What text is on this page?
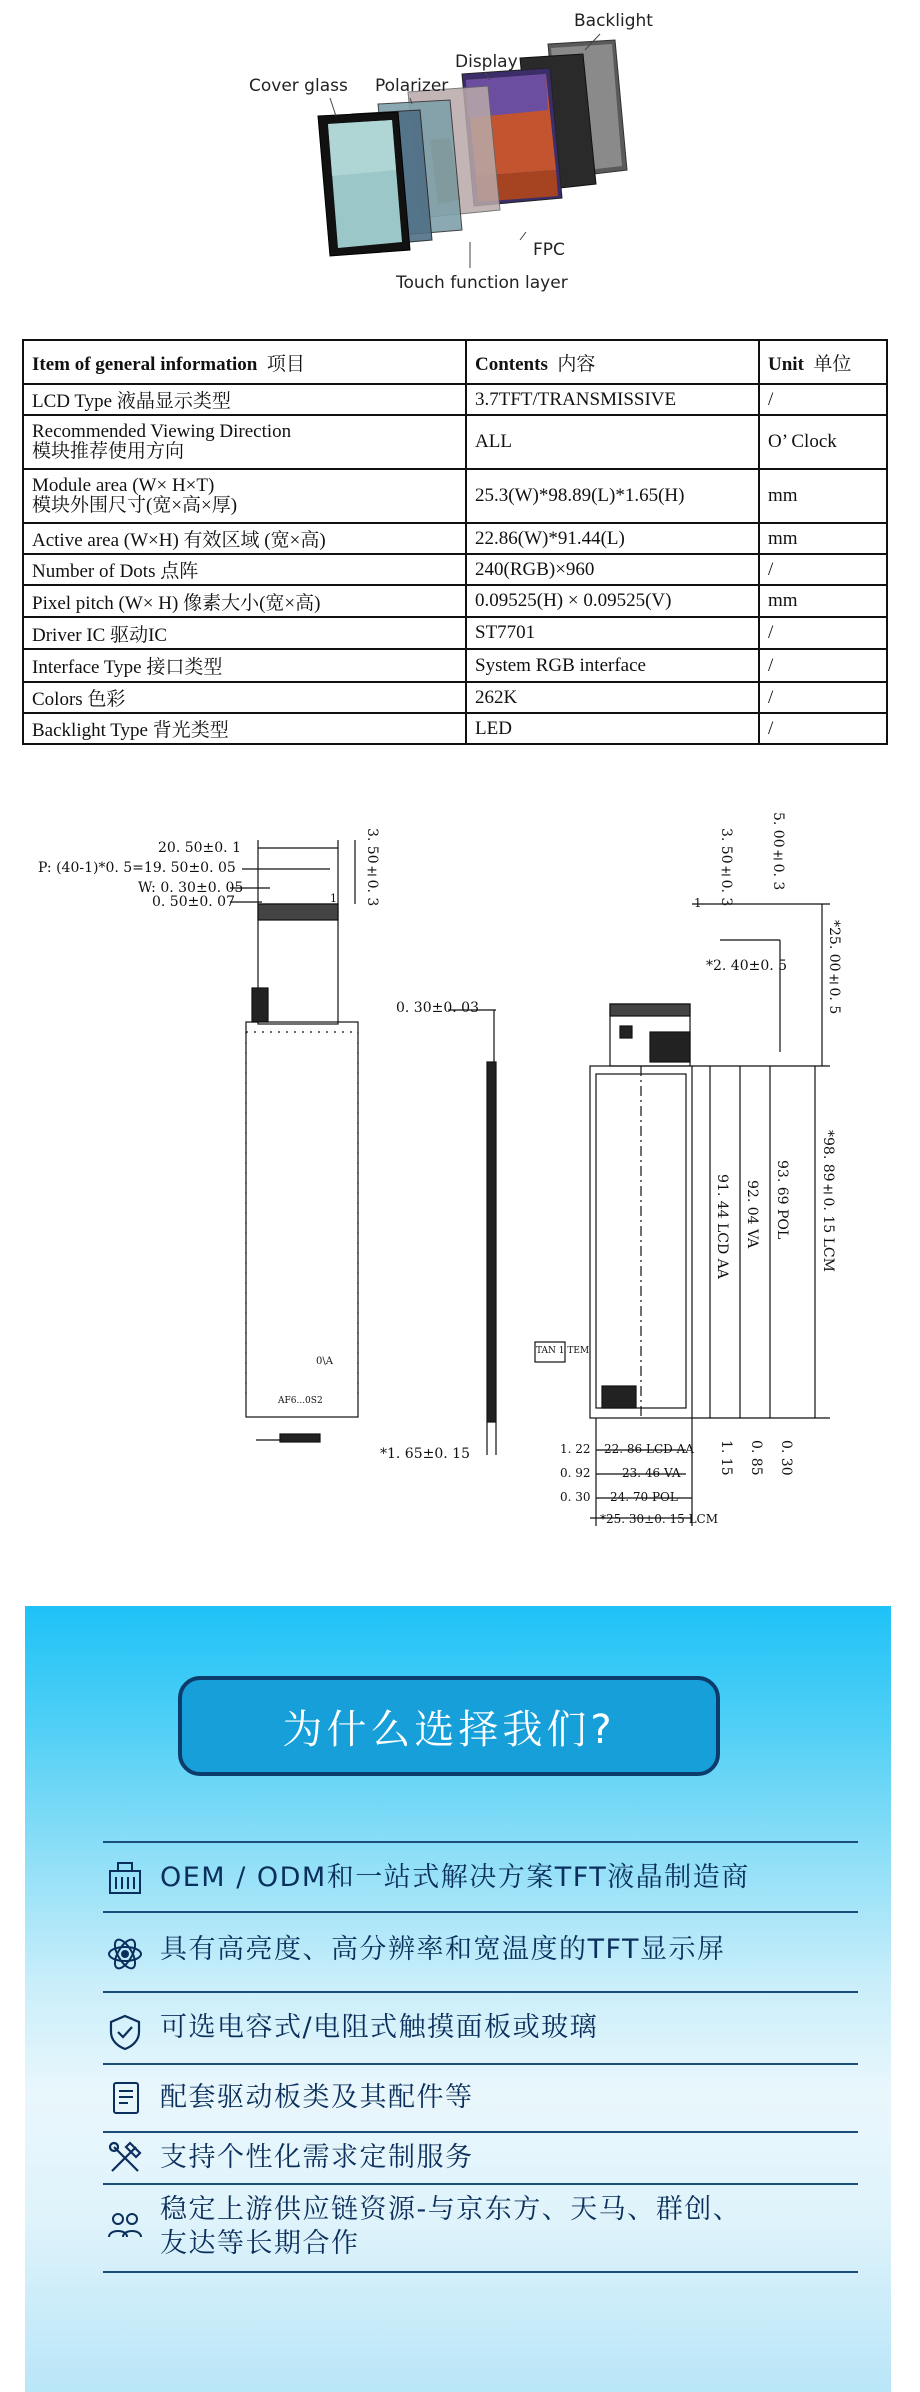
Backlight
Display
Polarizer
Cover glass
FPC
Touch function layer
Item of general information 项目	Contents 内容	Unit 单位
LCD Type 液晶显示类型	3.7TFT/TRANSMISSIVE	/

Recommended Viewing Direction
模块推荐使用方向	ALL	O’ Clock

Module area (W× H×T)
模块外围尺寸(宽×高×厚)	25.3(W)*98.89(L)*1.65(H)	mm
Active area (W×H) 有效区域 (宽×高)	22.86(W)*91.44(L)	mm
Number of Dots 点阵	240(RGB)×960	/
Pixel pitch (W× H) 像素大小(宽×高)	0.09525(H) × 0.09525(V)	mm
Driver IC 驱动IC	ST7701	/
Interface Type 接口类型	System RGB interface	/
Colors 色彩	262K	/
Backlight Type 背光类型	LED	/
20. 50±0. 1
P: (40-1)*0. 5=19. 50±0. 05
W: 0. 30±0. 05
0. 50±0. 07	3. 50±0. 3
1
0\A
AF6...0S2
0. 30±0. 03
*1. 65±0. 15
3. 50±0. 3	5. 00±0. 3
*2. 40±0. 5	*25. 00±0. 5
*98. 89±0. 15 LCM
93. 69 POL
92. 04 VA
91. 44 LCD AA
1. 15 0. 85 0. 30
1. 22 22. 86 LCD AA
0. 92	23. 46 VA
0. 30 24. 70 POL
*25. 30±0. 15 LCM
TAN 1 TEM
1
为什么选择我们?
OEM / ODM和一站式解决方案TFT液晶制造商
具有高亮度、高分辨率和宽温度的TFT显示屏
可选电容式/电阻式触摸面板或玻璃
配套驱动板类及其配件等
支持个性化需求定制服务
稳定上游供应链资源-与京东方、天马、群创、
友达等长期合作
